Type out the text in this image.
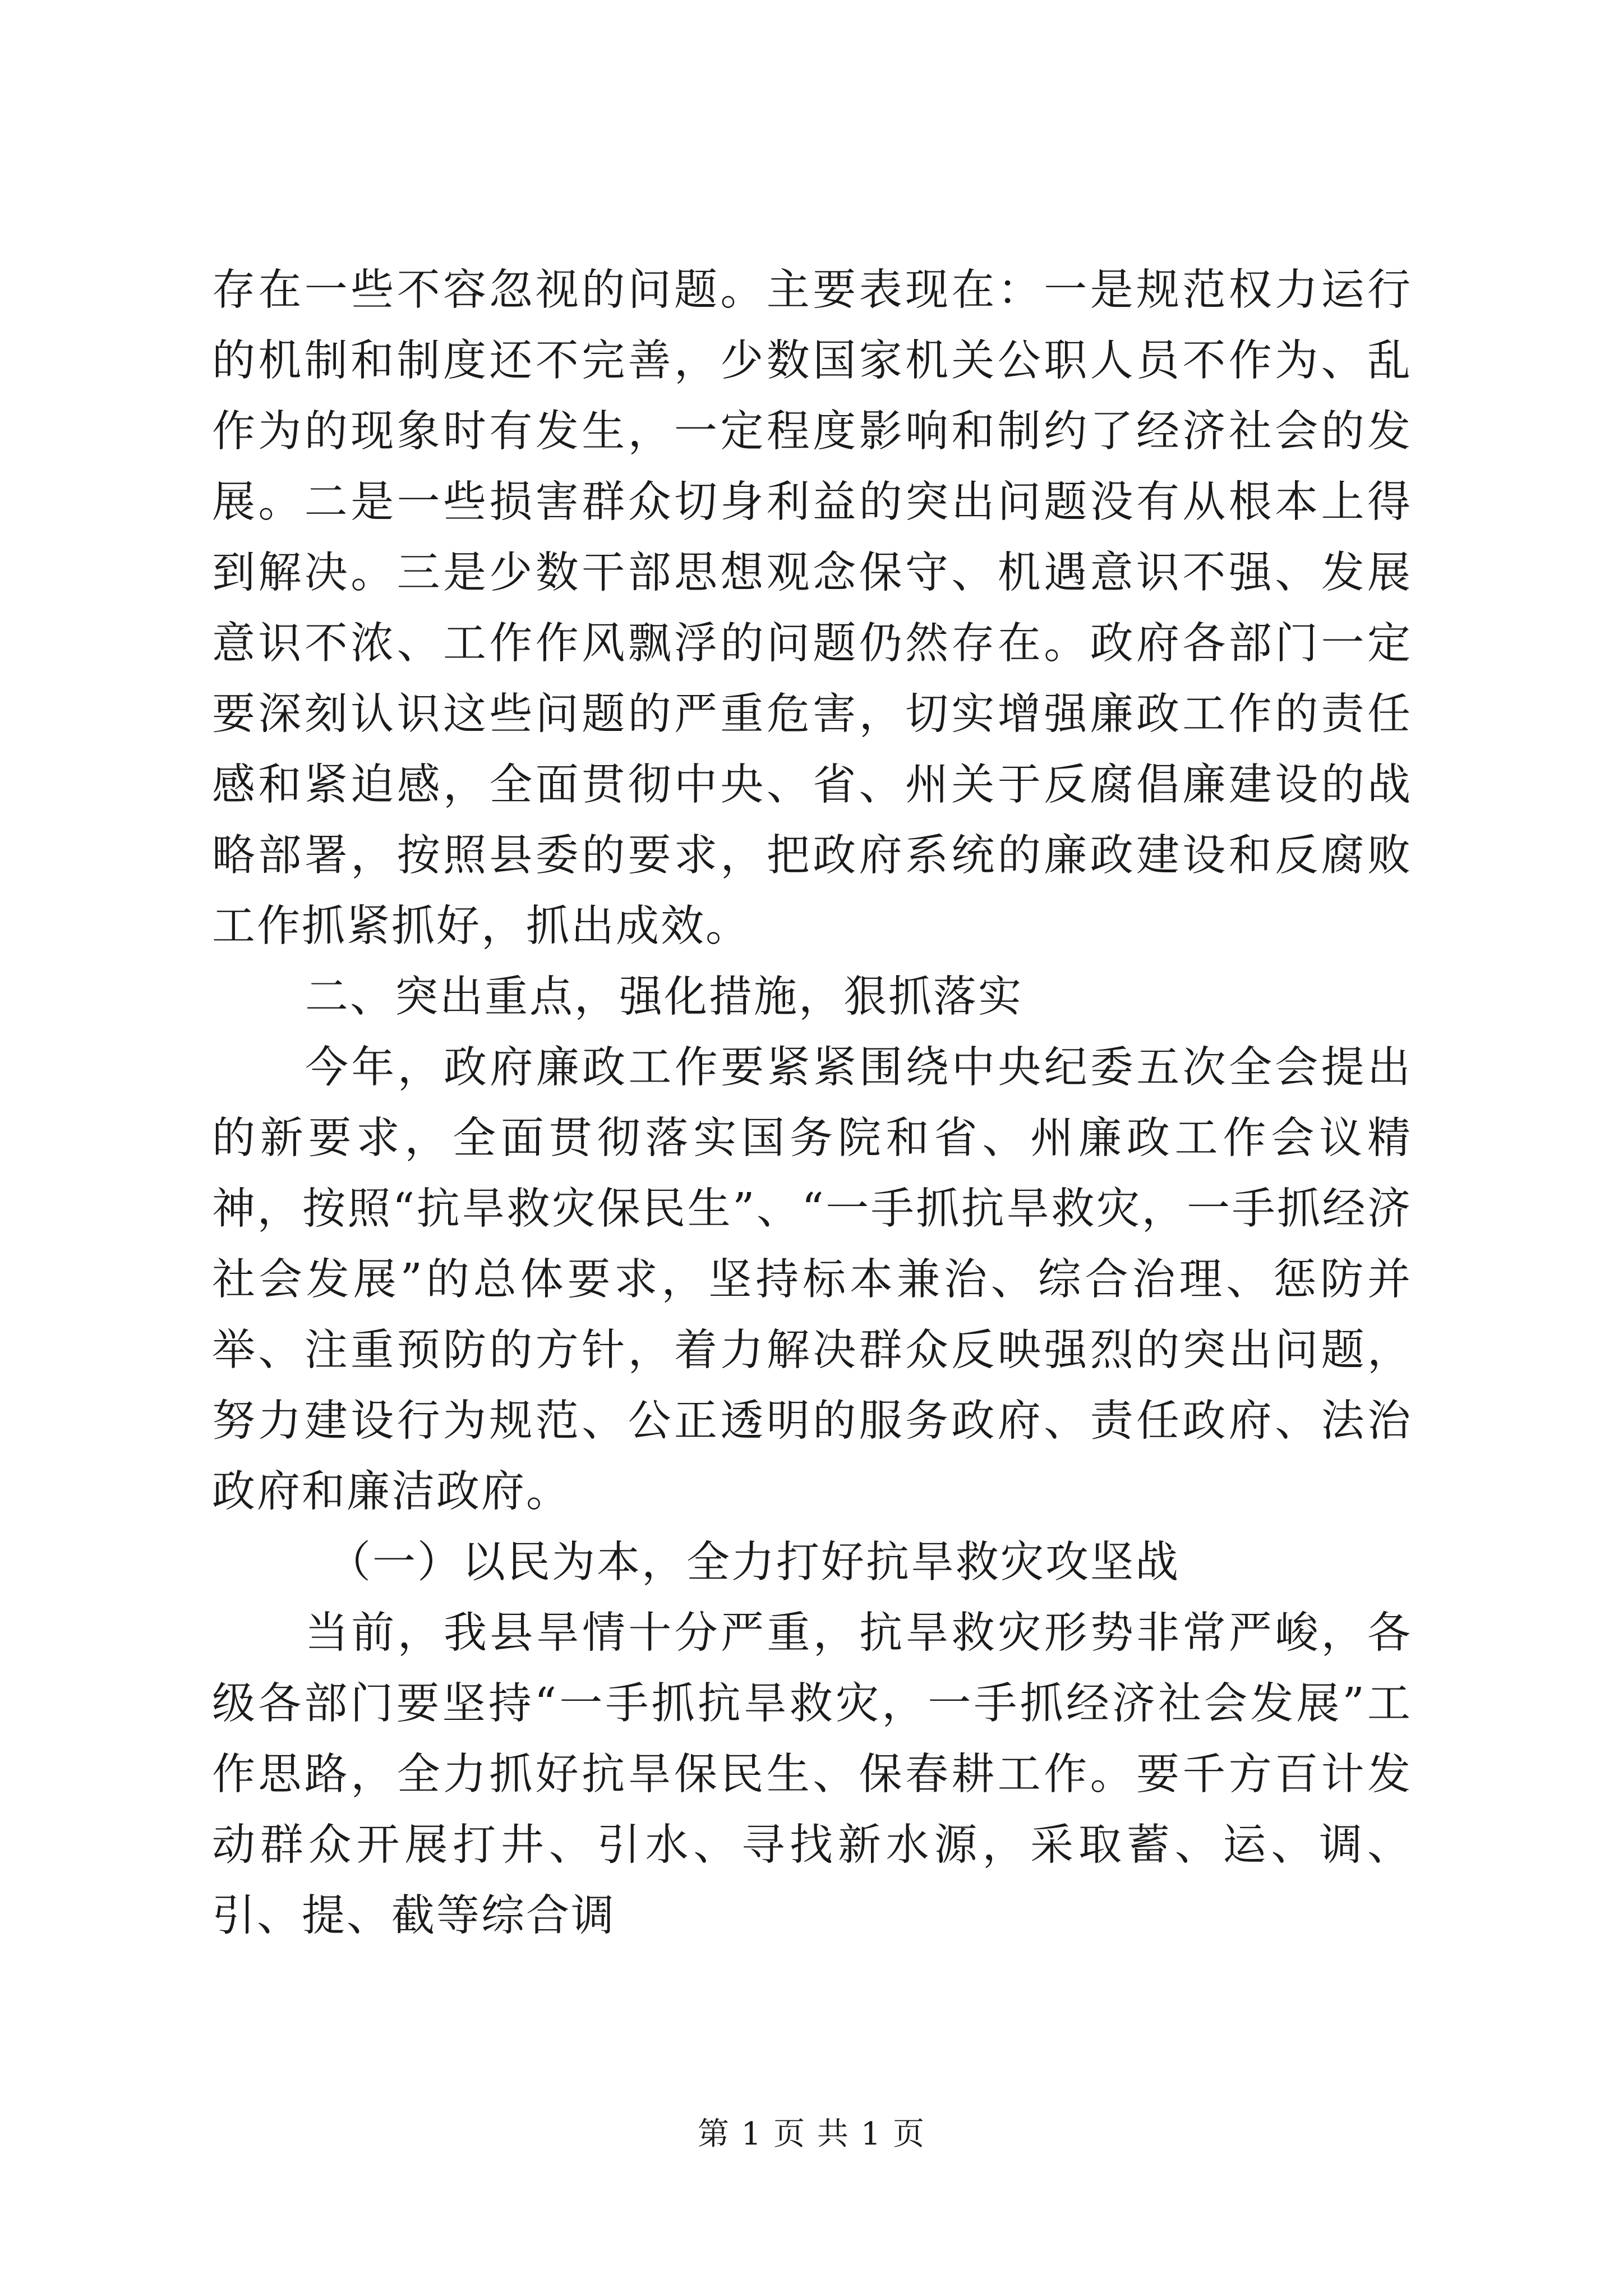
存在一些不容忽视的问题。主要表现在：一是规范权力运行的机制和制度还不完善，少数国家机关公职人员不作为、乱作为的现象时有发生，一定程度影响和制约了经济社会的发展。二是一些损害群众切身利益的突出问题没有从根本上得到解决。三是少数干部思想观念保守、机遇意识不强、发展意识不浓、工作作风飘浮的问题仍然存在。政府各部门一定要深刻认识这些问题的严重危害，切实增强廉政工作的责任感和紧迫感，全面贯彻中央、省、州关于反腐倡廉建设的战略部署，按照县委的要求，把政府系统的廉政建设和反腐败工作抓紧抓好，抓出成效。

二、突出重点，强化措施，狠抓落实

今年，政府廉政工作要紧紧围绕中央纪委五次全会提出的新要求，全面贯彻落实国务院和省、州廉政工作会议精神，按照“抗旱救灾保民生”、“一手抓抗旱救灾，一手抓经济社会发展”的总体要求，坚持标本兼治、综合治理、惩防并举、注重预防的方针，着力解决群众反映强烈的突出问题，努力建设行为规范、公正透明的服务政府、责任政府、法治政府和廉洁政府。

（一）以民为本，全力打好抗旱救灾攻坚战

当前，我县旱情十分严重，抗旱救灾形势非常严峻，各级各部门要坚持“一手抓抗旱救灾，一手抓经济社会发展”工作思路，全力抓好抗旱保民生、保春耕工作。要千方百计发动群众开展打井、引水、寻找新水源，采取蓄、运、调、引、提、截等综合调

第 1 页 共 1 页
